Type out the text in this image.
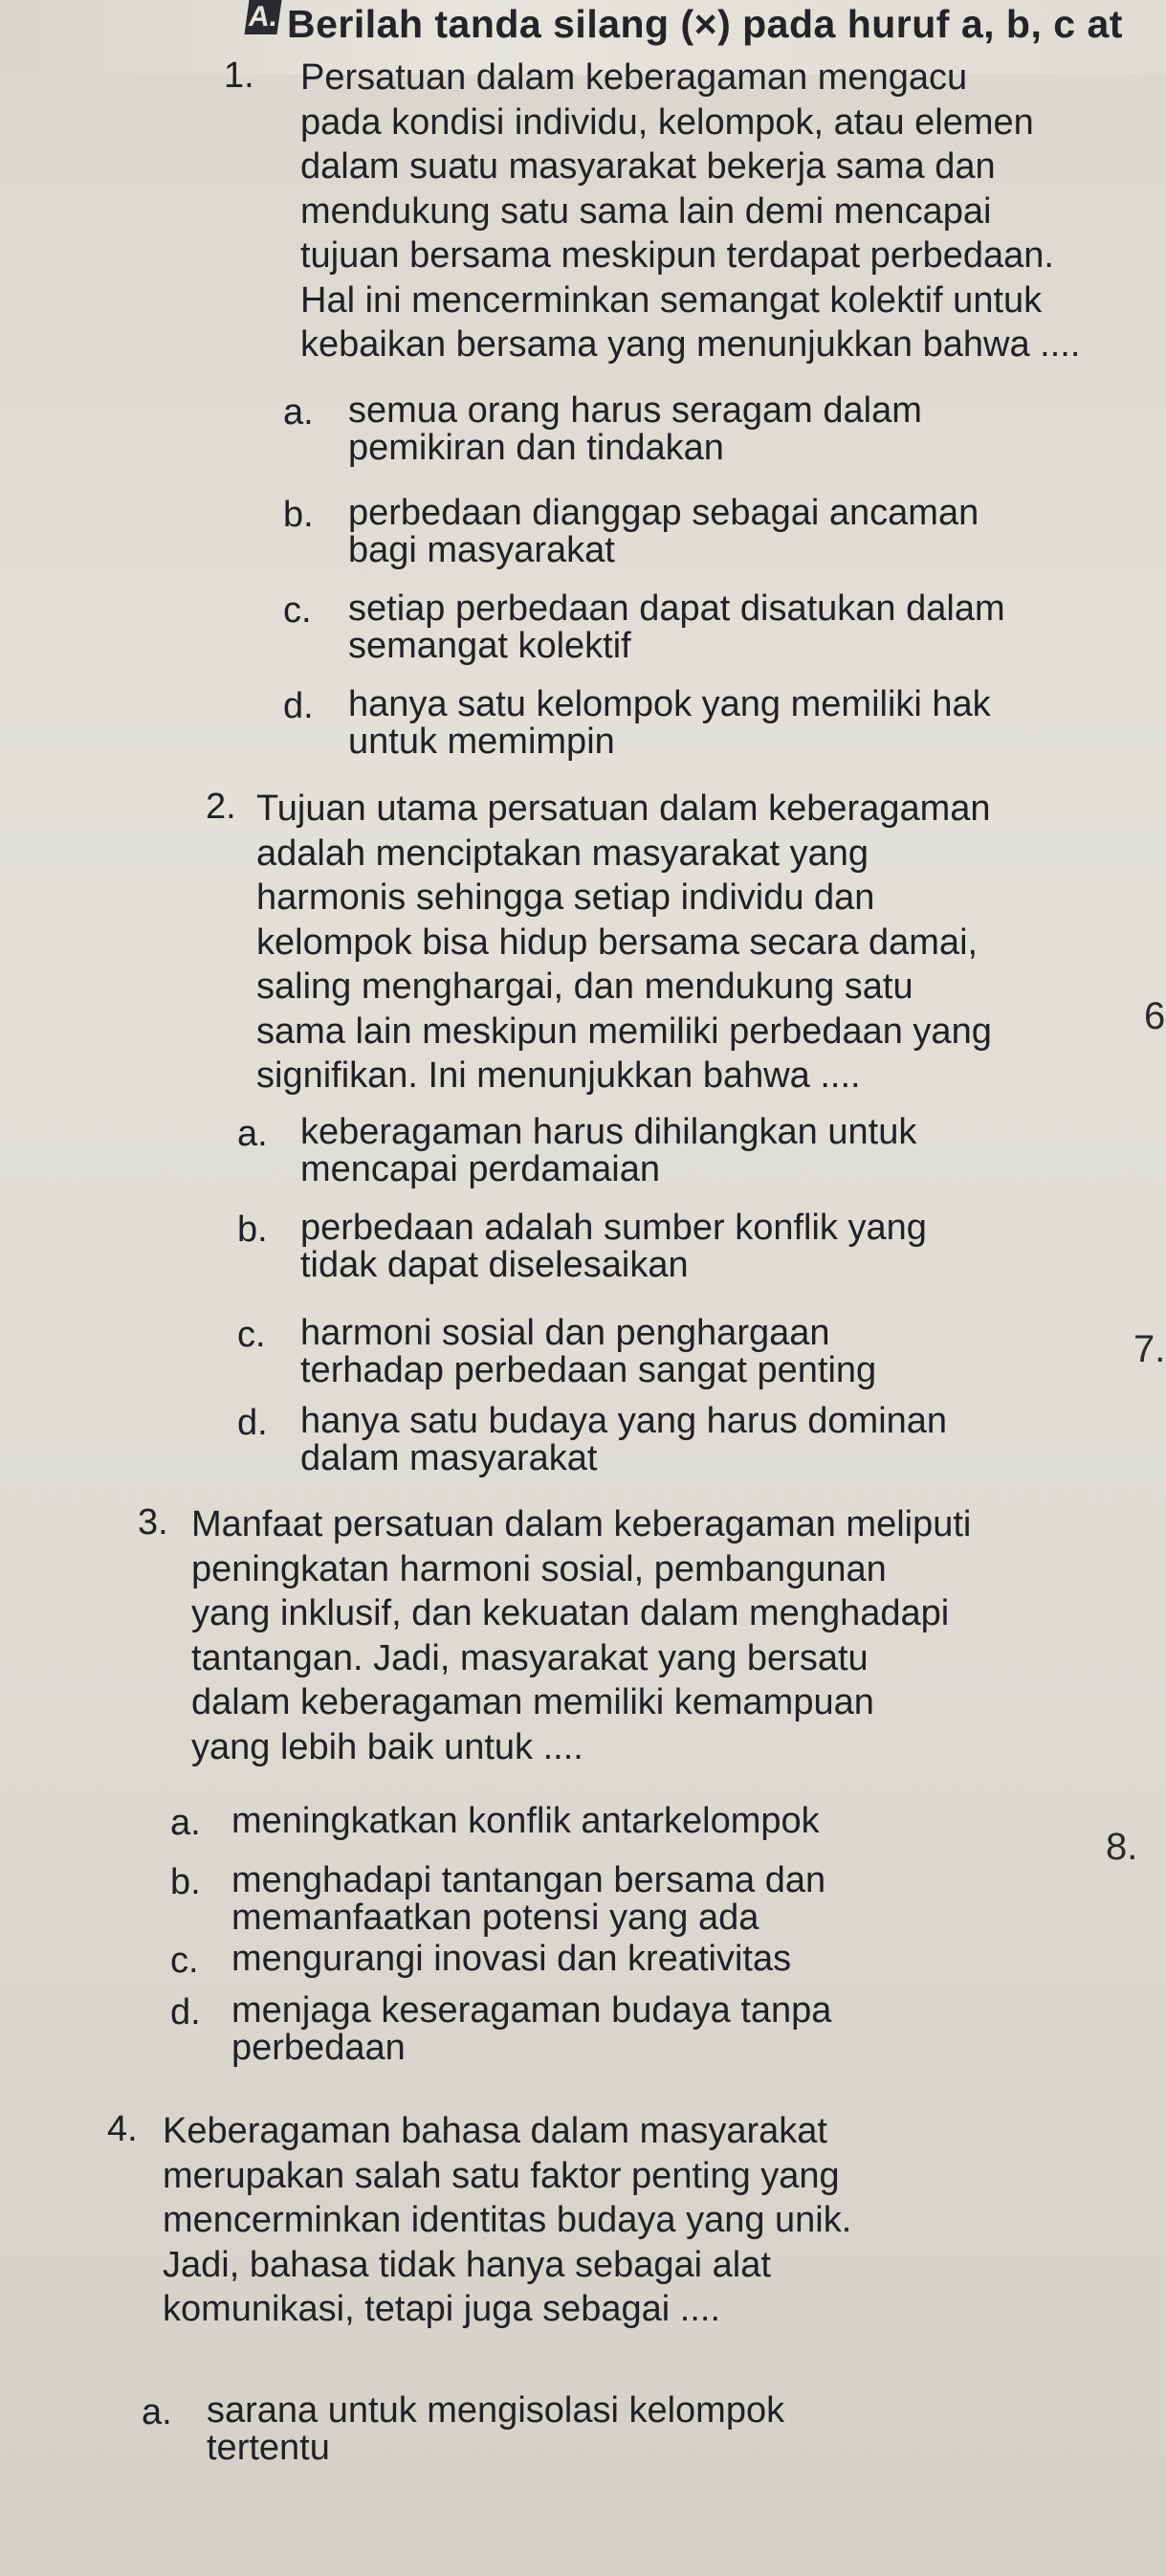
A. Berilah tanda silang (×) pada huruf a, b, c at
1. Persatuan dalam keberagaman mengacu
pada kondisi individu, kelompok, atau elemen
dalam suatu masyarakat bekerja sama dan
mendukung satu sama lain demi mencapai
tujuan bersama meskipun terdapat perbedaan.
Hal ini mencerminkan semangat kolektif untuk
kebaikan bersama yang menunjukkan bahwa ....
a. semua orang harus seragam dalam
pemikiran dan tindakan
b. perbedaan dianggap sebagai ancaman
bagi masyarakat
c. setiap perbedaan dapat disatukan dalam
semangat kolektif
d. hanya satu kelompok yang memiliki hak
untuk memimpin
2. Tujuan utama persatuan dalam keberagaman
adalah menciptakan masyarakat yang
harmonis sehingga setiap individu dan
kelompok bisa hidup bersama secara damai,
saling menghargai, dan mendukung satu
sama lain meskipun memiliki perbedaan yang
signifikan. Ini menunjukkan bahwa ....
6
a. keberagaman harus dihilangkan untuk
mencapai perdamaian
b. perbedaan adalah sumber konflik yang
tidak dapat diselesaikan
c. harmoni sosial dan penghargaan
terhadap perbedaan sangat penting	7.
d. hanya satu budaya yang harus dominan
dalam masyarakat
3. Manfaat persatuan dalam keberagaman meliputi
peningkatan harmoni sosial, pembangunan
yang inklusif, dan kekuatan dalam menghadapi
tantangan. Jadi, masyarakat yang bersatu
dalam keberagaman memiliki kemampuan
yang lebih baik untuk ....
a. meningkatkan konflik antarkelompok
8.
b. menghadapi tantangan bersama dan
memanfaatkan potensi yang ada
c. mengurangi inovasi dan kreativitas
d. menjaga keseragaman budaya tanpa
perbedaan
4. Keberagaman bahasa dalam masyarakat
merupakan salah satu faktor penting yang
mencerminkan identitas budaya yang unik.
Jadi, bahasa tidak hanya sebagai alat
komunikasi, tetapi juga sebagai ....
a. sarana untuk mengisolasi kelompok
tertentu
